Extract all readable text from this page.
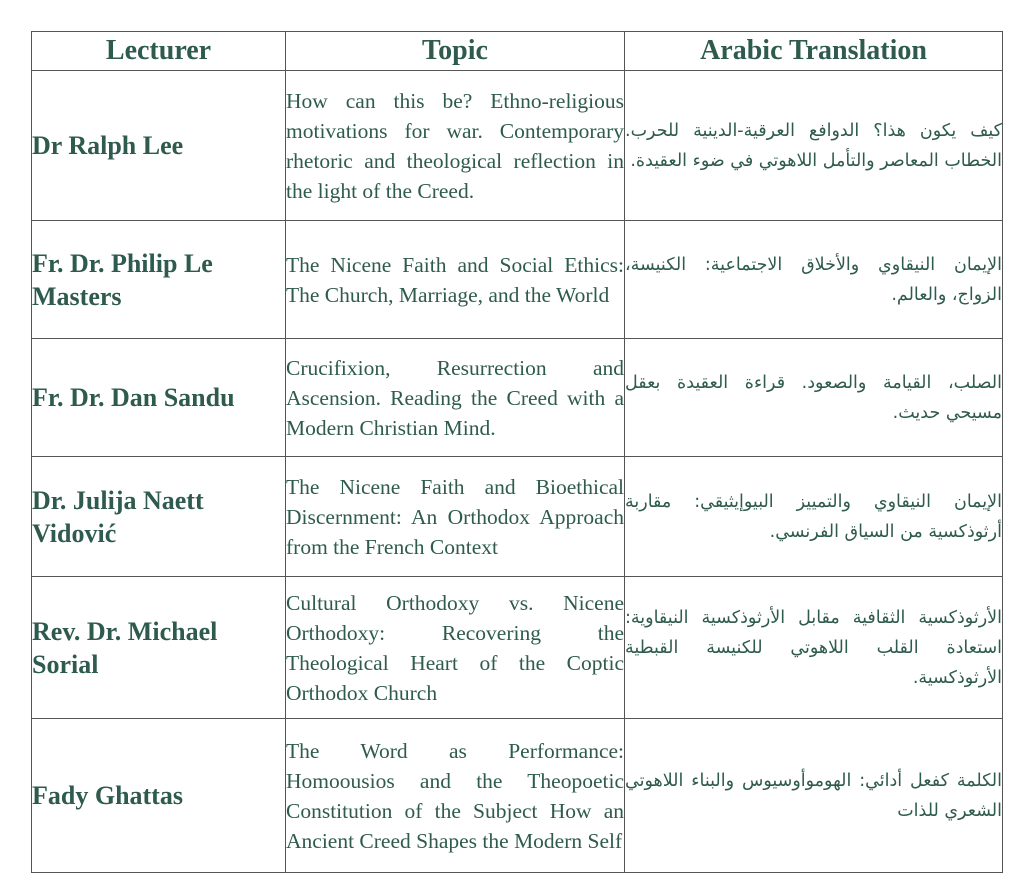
Lecturer	Topic	Arabic Translation
Dr Ralph Lee	How can this be? Ethno-religious motivations for war. Contemporary rhetoric and theological reflection in the light of the Creed.	كيف يكون هذا؟ الدوافع العرقية-الدينية للحرب. الخطاب المعاصر والتأمل اللاهوتي في ضوء العقيدة.
Fr. Dr. Philip Le Masters	The Nicene Faith and Social Ethics: The Church, Marriage, and the World	الإيمان النيقاوي والأخلاق الاجتماعية: الكنيسة، الزواج، والعالم.
Fr. Dr. Dan Sandu	Crucifixion, Resurrection and Ascension. Reading the Creed with a Modern Christian Mind.	الصلب، القيامة والصعود. قراءة العقيدة بعقل مسيحي حديث.
Dr. Julija Naett Vidović	The Nicene Faith and Bioethical Discernment: An Orthodox Approach from the French Context	الإيمان النيقاوي والتمييز البيوإيثيقي: مقاربة أرثوذكسية من السياق الفرنسي.
Rev. Dr. Michael Sorial	Cultural Orthodoxy vs. Nicene Orthodoxy: Recovering the Theological Heart of the Coptic Orthodox Church	الأرثوذكسية الثقافية مقابل الأرثوذكسية النيقاوية: استعادة القلب اللاهوتي للكنيسة القبطية الأرثوذكسية.
Fady Ghattas	The Word as Performance: Homoousios and the Theopoetic Constitution of the Subject How an Ancient Creed Shapes the Modern Self	الكلمة كفعل أدائي: الهوموأوسيوس والبناء اللاهوتي الشعري للذات
